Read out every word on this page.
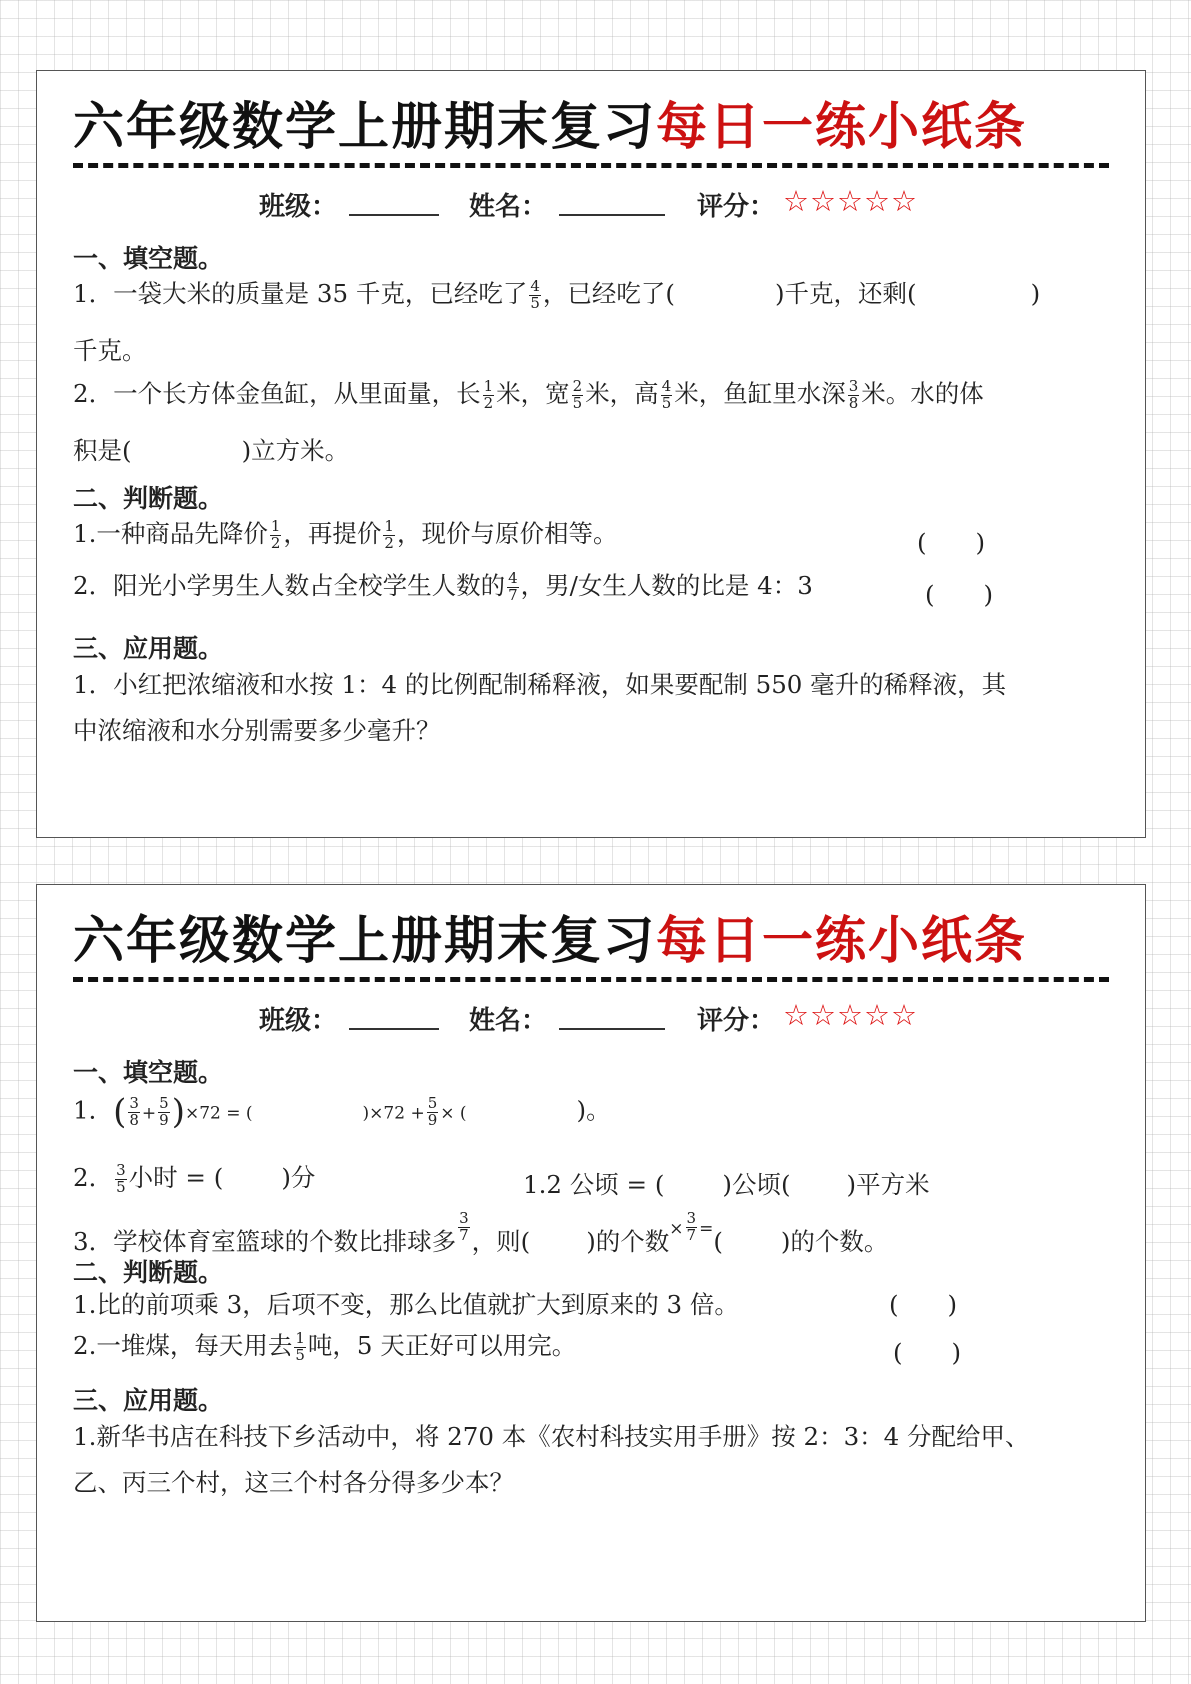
六年级数学上册期末复习每日一练小纸条
班级：	姓名：	评分： ☆☆☆☆☆
一、填空题。
1．一袋大米的质量是 35 千克，已经吃了 $\frac{4}{5}$ ，已经吃了(	)千克，还剩(	)
千克。
2．一个长方体金鱼缸，从里面量，长 $\frac{1}{2}$ 米，宽 $\frac{2}{5}$ 米，高 $\frac{4}{5}$ 米，鱼缸里水深 $\frac{3}{8}$ 米。水的体
积是(	)立方米。
二、判断题。
1.一种商品先降价 $\frac{1}{2}$ ，再提价 $\frac{1}{2}$ ，现价与原价相等。	(　　)
2．阳光小学男生人数占全校学生人数的 $\frac{4}{7}$ ，男/女生人数的比是 4：3	(　　)
三、应用题。
1．小红把浓缩液和水按 1：4 的比例配制稀释液，如果要配制 550 毫升的稀释液，其
中浓缩液和水分别需要多少毫升？
六年级数学上册期末复习每日一练小纸条
班级：	姓名：	评分： ☆☆☆☆☆
一、填空题。
1．( $\frac{3}{8} + \frac{5}{9} )\times 72$ = (	)$\times 72 + \frac{5}{9}$ × (	)。
2． $\frac{3}{5}$ 小时 = ( )分	1.2 公顷 = ( )公顷( )平方米
3．学校体育室篮球的个数比排球多 $\frac{3}{7}$ ，则( )的个数$^\times \frac{3}{7} ^=$( )的个数。
二、判断题。
1.比的前项乘 3，后项不变，那么比值就扩大到原来的 3 倍。	(　　)
2.一堆煤，每天用去 $\frac{1}{5}$ 吨，5 天正好可以用完。	(　　)
三、应用题。
1.新华书店在科技下乡活动中，将 270 本《农村科技实用手册》按 2：3：4 分配给甲、
乙、丙三个村，这三个村各分得多少本？
